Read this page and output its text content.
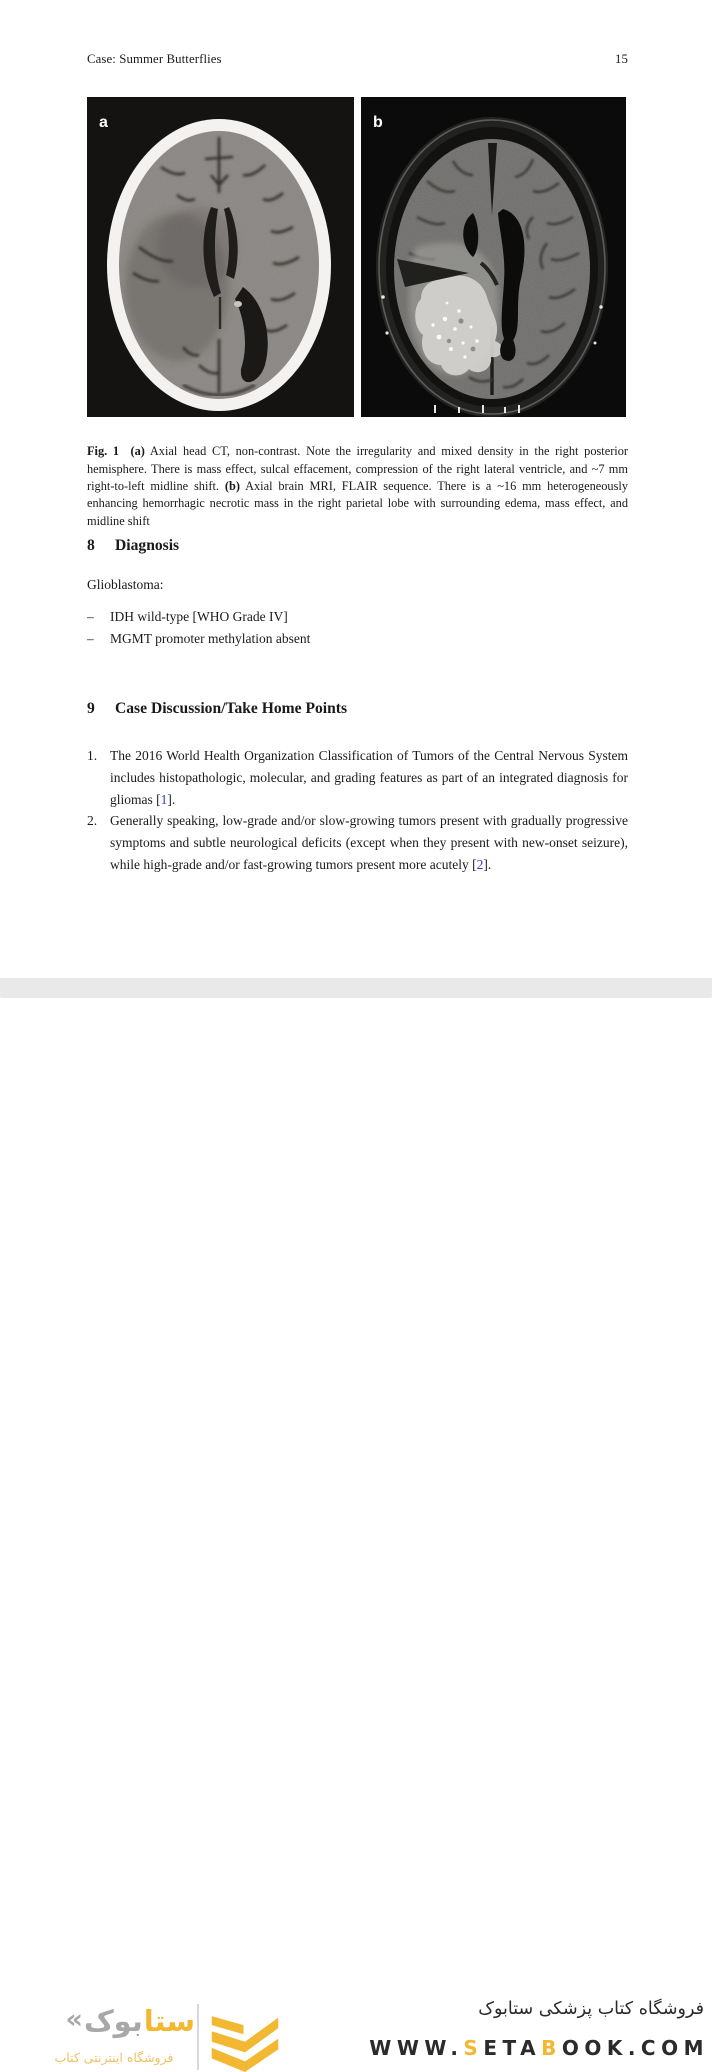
Case: Summer Butterflies	15
a	b

Fig. 1 (a) Axial head CT, non-contrast. Note the irregularity and mixed density in the right posterior hemisphere. There is mass effect, sulcal effacement, compression of the right lateral ventricle, and ~7 mm right-to-left midline shift. (b) Axial brain MRI, FLAIR sequence. There is a ~16 mm heterogeneously enhancing hemorrhagic necrotic mass in the right parietal lobe with surrounding edema, mass effect, and midline shift

8	Diagnosis
Glioblastoma:
–	IDH wild-type [WHO Grade IV]
–	MGMT promoter methylation absent
9	Case Discussion/Take Home Points
1. The 2016 World Health Organization Classification of Tumors of the Central Nervous System includes histopathologic, molecular, and grading features as part of an integrated diagnosis for gliomas [1].
2. Generally speaking, low-grade and/or slow-growing tumors present with gradually progressive symptoms and subtle neurological deficits (except when they present with new-onset seizure), while high-grade and/or fast-growing tumors present more acutely [2].
« بوک ستا
فروشگاه اینترنتی کتاب
فروشگاه کتاب پزشکی ستابوک
WWW.SETABOOK.COM
